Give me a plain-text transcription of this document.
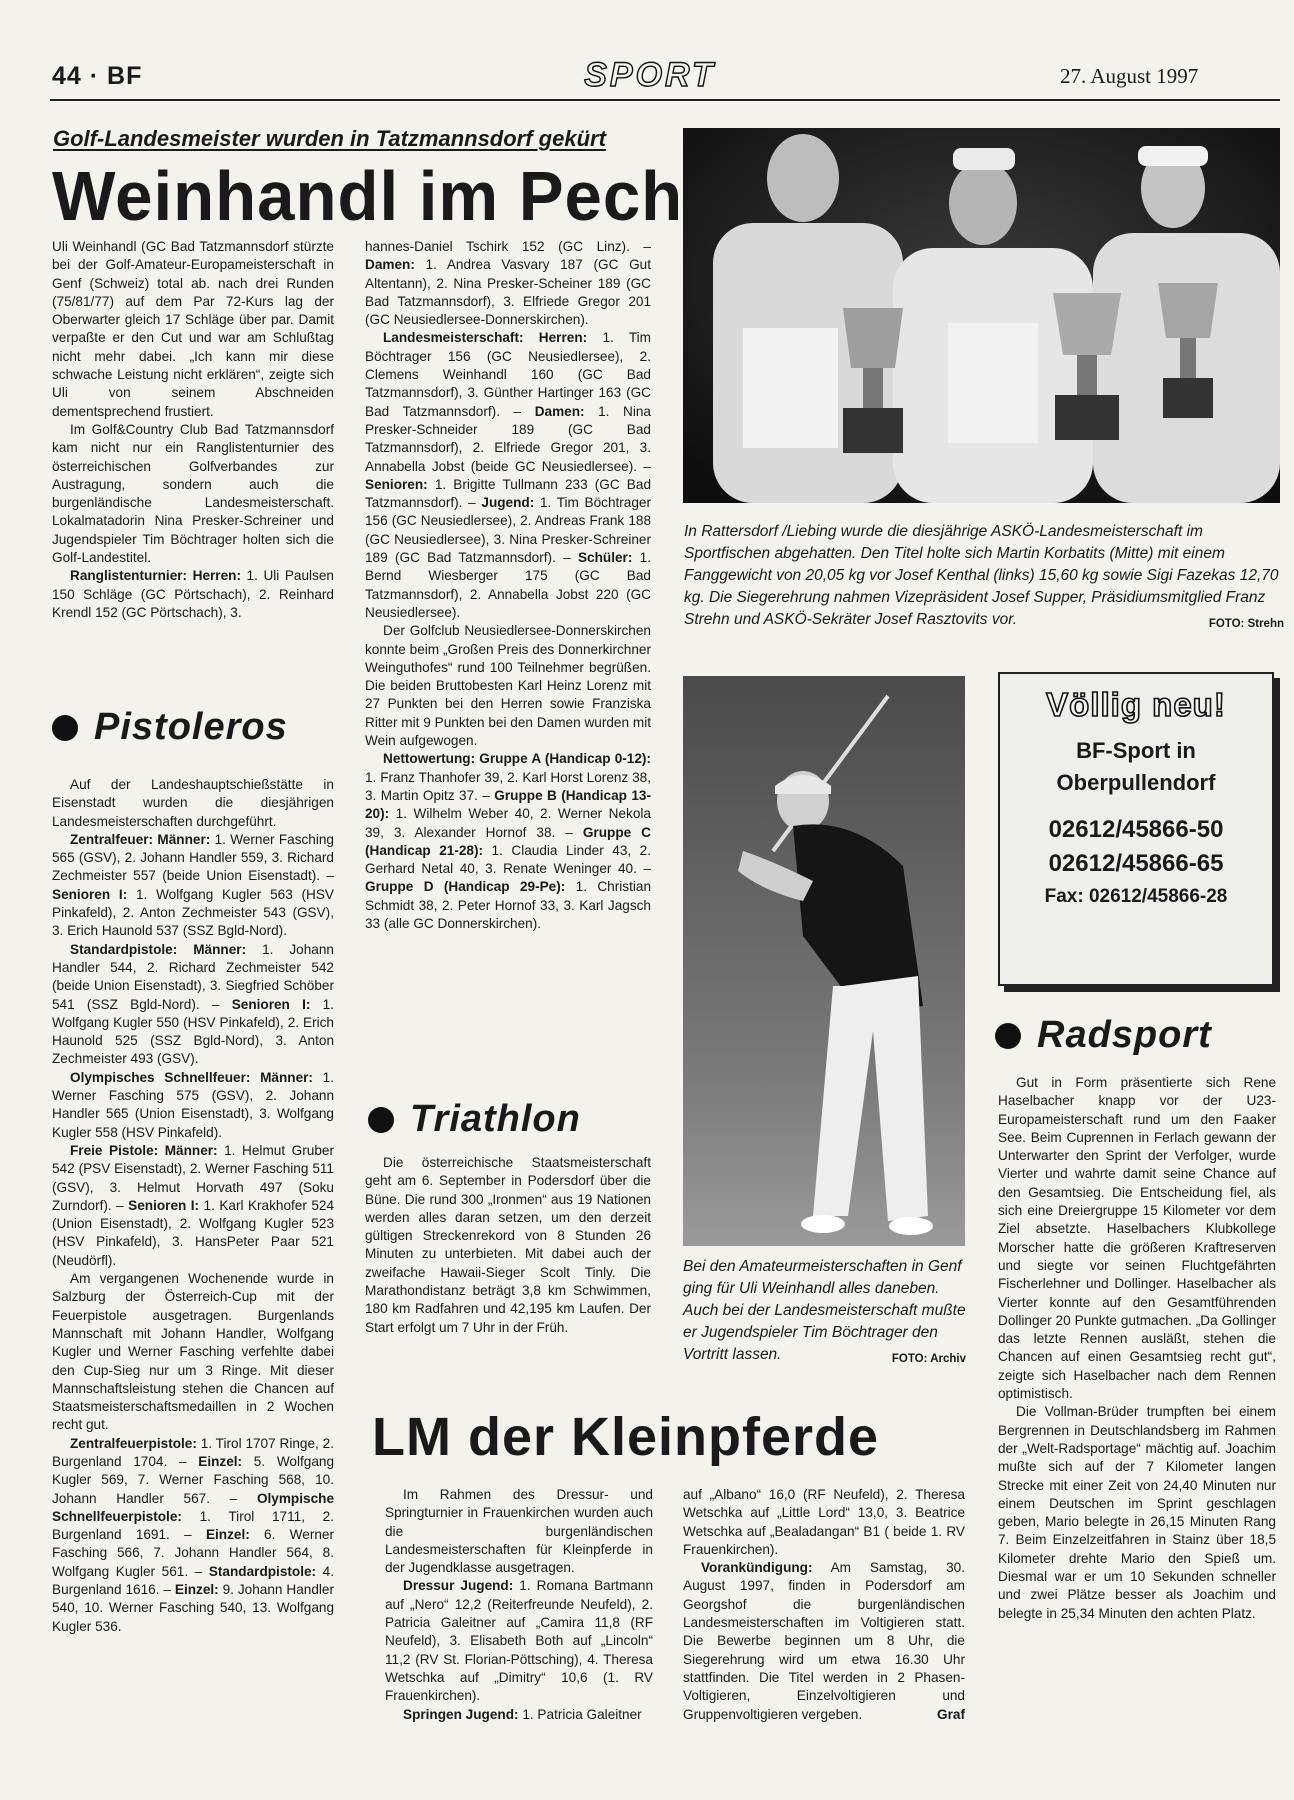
44 · BF	SPORT	27. August 1997
Golf-Landesmeister wurden in Tatzmannsdorf gekürt
Weinhandl im Pech

Uli Weinhandl (GC Bad Tatzmannsdorf stürzte bei der Golf-Amateur-Europameisterschaft in Genf (Schweiz) total ab. nach drei Runden (75/81/77) auf dem Par 72-Kurs lag der Oberwarter gleich 17 Schläge über par. Damit verpaßte er den Cut und war am Schlußtag nicht mehr dabei. „Ich kann mir diese schwache Leistung nicht erklären“, zeigte sich Uli von seinem Abschneiden dementsprechend frustiert.

Im Golf&Country Club Bad Tatzmannsdorf kam nicht nur ein Ranglistenturnier des österreichischen Golfverbandes zur Austragung, sondern auch die burgenländische Landesmeisterschaft. Lokalmatadorin Nina Presker-Schreiner und Jugendspieler Tim Böchtrager holten sich die Golf-Landestitel.

Ranglistenturnier: Herren: 1. Uli Paulsen 150 Schläge (GC Pörtschach), 2. Reinhard Krendl 152 (GC Pörtschach), 3.

Pistoleros

Auf der Landeshauptschießstätte in Eisenstadt wurden die diesjährigen Landesmeisterschaften durchgeführt.

Zentralfeuer: Männer: 1. Werner Fasching 565 (GSV), 2. Johann Handler 559, 3. Richard Zechmeister 557 (beide Union Eisenstadt). – Senioren I: 1. Wolfgang Kugler 563 (HSV Pinkafeld), 2. Anton Zechmeister 543 (GSV), 3. Erich Haunold 537 (SSZ Bgld-Nord).

Standardpistole: Männer: 1. Johann Handler 544, 2. Richard Zechmeister 542 (beide Union Eisenstadt), 3. Siegfried Schöber 541 (SSZ Bgld-Nord). – Senioren I: 1. Wolfgang Kugler 550 (HSV Pinkafeld), 2. Erich Haunold 525 (SSZ Bgld-Nord), 3. Anton Zechmeister 493 (GSV).

Olympisches Schnellfeuer: Männer: 1. Werner Fasching 575 (GSV), 2. Johann Handler 565 (Union Eisenstadt), 3. Wolfgang Kugler 558 (HSV Pinkafeld).

Freie Pistole: Männer: 1. Helmut Gruber 542 (PSV Eisenstadt), 2. Werner Fasching 511 (GSV), 3. Helmut Horvath 497 (Soku Zurndorf). – Senioren I: 1. Karl Krakhofer 524 (Union Eisenstadt), 2. Wolfgang Kugler 523 (HSV Pinkafeld), 3. HansPeter Paar 521 (Neudörfl).

Am vergangenen Wochenende wurde in Salzburg der Österreich-Cup mit der Feuerpistole ausgetragen. Burgenlands Mannschaft mit Johann Handler, Wolfgang Kugler und Werner Fasching verfehlte dabei den Cup-Sieg nur um 3 Ringe. Mit dieser Mannschaftsleistung stehen die Chancen auf Staatsmeisterschaftsmedaillen in 2 Wochen recht gut.

Zentralfeuerpistole: 1. Tirol 1707 Ringe, 2. Burgenland 1704. – Einzel: 5. Wolfgang Kugler 569, 7. Werner Fasching 568, 10. Johann Handler 567. – Olympische Schnellfeuerpistole: 1. Tirol 1711, 2. Burgenland 1691. – Einzel: 6. Werner Fasching 566, 7. Johann Handler 564, 8. Wolfgang Kugler 561. – Standardpistole: 4. Burgenland 1616. – Einzel: 9. Johann Handler 540, 10. Werner Fasching 540, 13. Wolfgang Kugler 536.

hannes-Daniel Tschirk 152 (GC Linz). – Damen: 1. Andrea Vasvary 187 (GC Gut Altentann), 2. Nina Presker-Scheiner 189 (GC Bad Tatzmannsdorf), 3. Elfriede Gregor 201 (GC Neusiedlersee-Donnerskirchen).

Landesmeisterschaft: Herren: 1. Tim Böchtrager 156 (GC Neusiedlersee), 2. Clemens Weinhandl 160 (GC Bad Tatzmannsdorf), 3. Günther Hartinger 163 (GC Bad Tatzmannsdorf). – Damen: 1. Nina Presker-Schneider 189 (GC Bad Tatzmannsdorf), 2. Elfriede Gregor 201, 3. Annabella Jobst (beide GC Neusiedlersee). – Senioren: 1. Brigitte Tullmann 233 (GC Bad Tatzmannsdorf). – Jugend: 1. Tim Böchtrager 156 (GC Neusiedlersee), 2. Andreas Frank 188 (GC Neusiedlersee), 3. Nina Presker-Schreiner 189 (GC Bad Tatzmannsdorf). – Schüler: 1. Bernd Wiesberger 175 (GC Bad Tatzmannsdorf), 2. Annabella Jobst 220 (GC Neusiedlersee).

Der Golfclub Neusiedlersee-Donnerskirchen konnte beim „Großen Preis des Donnerkirchner Weinguthofes“ rund 100 Teilnehmer begrüßen. Die beiden Bruttobesten Karl Heinz Lorenz mit 27 Punkten bei den Herren sowie Franziska Ritter mit 9 Punkten bei den Damen wurden mit Wein aufgewogen.

Nettowertung: Gruppe A (Handicap 0-12): 1. Franz Thanhofer 39, 2. Karl Horst Lorenz 38, 3. Martin Opitz 37. – Gruppe B (Handicap 13-20): 1. Wilhelm Weber 40, 2. Werner Nekola 39, 3. Alexander Hornof 38. – Gruppe C (Handicap 21-28): 1. Claudia Linder 43, 2. Gerhard Netal 40, 3. Renate Weninger 40. – Gruppe D (Handicap 29-Pe): 1. Christian Schmidt 38, 2. Peter Hornof 33, 3. Karl Jagsch 33 (alle GC Donnerskirchen).

Triathlon

Die österreichische Staatsmeisterschaft geht am 6. September in Podersdorf über die Büne. Die rund 300 „Ironmen“ aus 19 Nationen werden alles daran setzen, um den derzeit gültigen Streckenrekord von 8 Stunden 26 Minuten zu unterbieten. Mit dabei auch der zweifache Hawaii-Sieger Scolt Tinly. Die Marathondistanz beträgt 3,8 km Schwimmen, 180 km Radfahren und 42,195 km Laufen. Der Start erfolgt um 7 Uhr in der Früh.

In Rattersdorf /Liebing wurde die diesjährige ASKÖ-Landesmeisterschaft im Sportfischen abgehatten. Den Titel holte sich Martin Korbatits (Mitte) mit einem Fanggewicht von 20,05 kg vor Josef Kenthal (links) 15,60 kg sowie Sigi Fazekas 12,70 kg. Die Siegerehrung nahmen Vizepräsident Josef Supper, Präsidiumsmitglied Franz Strehn und ASKÖ-Sekräter Josef Rasztovits vor.	FOTO: Strehn

Bei den Amateurmeisterschaften in Genf ging für Uli Weinhandl alles daneben. Auch bei der Landesmeisterschaft mußte er Jugendspieler Tim Böchtrager den Vortritt lassen.	FOTO: Archiv

Völlig neu!
BF-Sport in
Oberpullendorf
02612/45866-50
02612/45866-65
Fax: 02612/45866-28
Radsport

Gut in Form präsentierte sich Rene Haselbacher knapp vor der U23-Europameisterschaft rund um den Faaker See. Beim Cuprennen in Ferlach gewann der Unterwarter den Sprint der Verfolger, wurde Vierter und wahrte damit seine Chance auf den Gesamtsieg. Die Entscheidung fiel, als sich eine Dreiergruppe 15 Kilometer vor dem Ziel absetzte. Haselbachers Klubkollege Morscher hatte die größeren Kraftreserven und siegte vor seinen Fluchtgefährten Fischerlehner und Dollinger. Haselbacher als Vierter konnte auf den Gesamtführenden Dollinger 20 Punkte gutmachen. „Da Gollinger das letzte Rennen ausläßt, stehen die Chancen auf einen Gesamtsieg recht gut“, zeigte sich Haselbacher nach dem Rennen optimistisch.

Die Vollman-Brüder trumpften bei einem Bergrennen in Deutschlandsberg im Rahmen der „Welt-Radsportage“ mächtig auf. Joachim mußte sich auf der 7 Kilometer langen Strecke mit einer Zeit von 24,40 Minuten nur einem Deutschen im Sprint geschlagen geben, Mario belegte in 26,15 Minuten Rang 7. Beim Einzelzeitfahren in Stainz über 18,5 Kilometer drehte Mario den Spieß um. Diesmal war er um 10 Sekunden schneller und zwei Plätze besser als Joachim und belegte in 25,34 Minuten den achten Platz.

LM der Kleinpferde

Im Rahmen des Dressur- und Springturnier in Frauenkirchen wurden auch die burgenländischen Landesmeisterschaften für Kleinpferde in der Jugendklasse ausgetragen.

Dressur Jugend: 1. Romana Bartmann auf „Nero“ 12,2 (Reiterfreunde Neufeld), 2. Patricia Galeitner auf „Camira 11,8 (RF Neufeld), 3. Elisabeth Both auf „Lincoln“ 11,2 (RV St. Florian-Pöttsching), 4. Theresa Wetschka auf „Dimitry“ 10,6 (1. RV Frauenkirchen).

Springen Jugend: 1. Patricia Galeitner

auf „Albano“ 16,0 (RF Neufeld), 2. Theresa Wetschka auf „Little Lord“ 13,0, 3. Beatrice Wetschka auf „Bealadangan“ B1 ( beide 1. RV Frauenkirchen).

Vorankündigung: Am Samstag, 30. August 1997, finden in Podersdorf am Georgshof die burgenländischen Landesmeisterschaften im Voltigieren statt. Die Bewerbe beginnen um 8 Uhr, die Siegerehrung wird um etwa 16.30 Uhr stattfinden. Die Titel werden in 2 Phasen-Voltigieren, Einzelvoltigieren und Gruppenvoltigieren vergeben.	Graf
